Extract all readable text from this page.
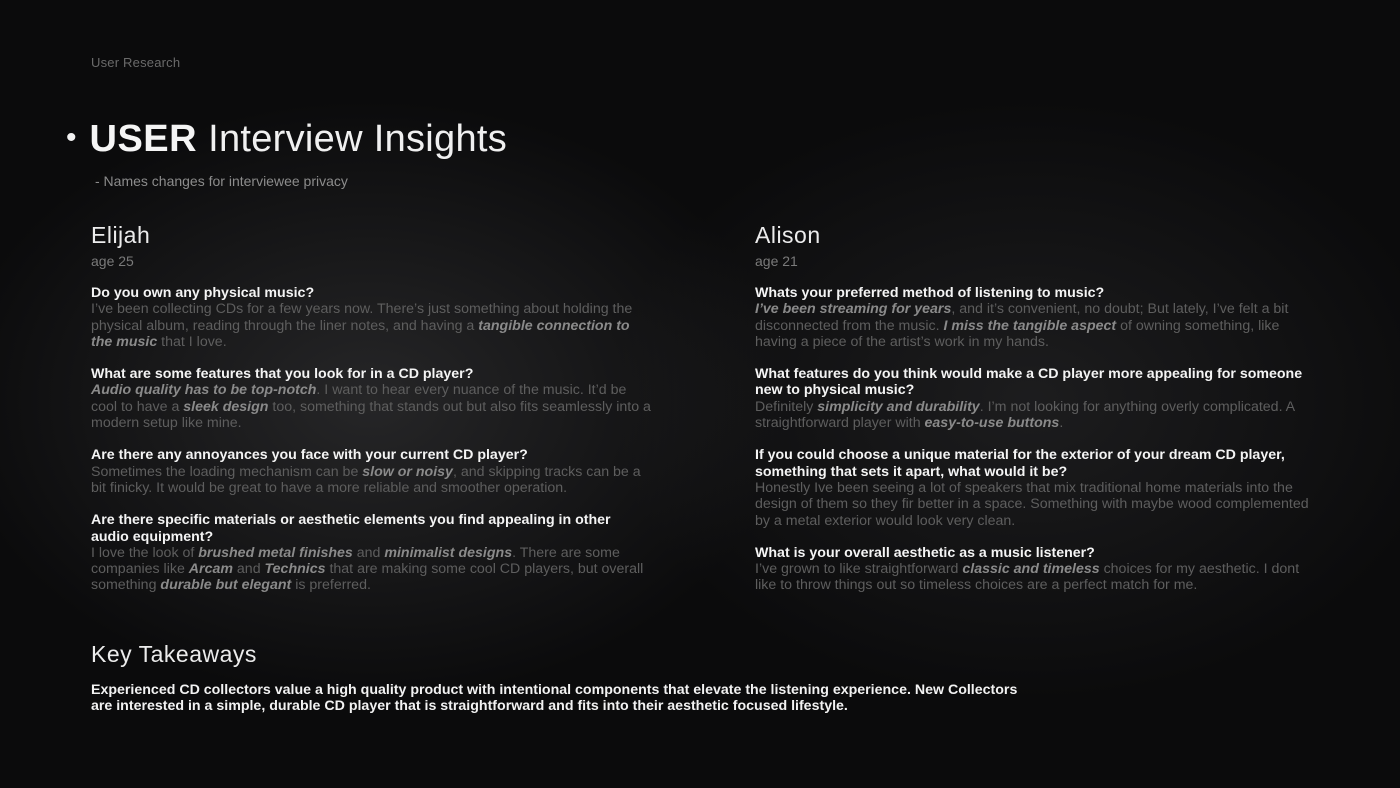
User Research
• USER Interview Insights
- Names changes for interviewee privacy
Elijah
age 25
Do you own any physical music?
I’ve been collecting CDs for a few years now. There’s just something about holding the physical album, reading through the liner notes, and having a tangible connection to the music that I love.
What are some features that you look for in a CD player?
Audio quality has to be top-notch. I want to hear every nuance of the music. It’d be cool to have a sleek design too, something that stands out but also fits seamlessly into a modern setup like mine.
Are there any annoyances you face with your current CD player?
Sometimes the loading mechanism can be slow or noisy, and skipping tracks can be a bit finicky. It would be great to have a more reliable and smoother operation.
Are there specific materials or aesthetic elements you find appealing in other audio equipment?
I love the look of brushed metal finishes and minimalist designs. There are some companies like Arcam and Technics that are making some cool CD players, but overall something durable but elegant is preferred.
Alison
age 21
Whats your preferred method of listening to music?
I’ve been streaming for years, and it’s convenient, no doubt; But lately, I’ve felt a bit disconnected from the music. I miss the tangible aspect of owning something, like having a piece of the artist’s work in my hands.
What features do you think would make a CD player more appealing for someone new to physical music?
Definitely simplicity and durability. I’m not looking for anything overly complicated. A straightforward player with easy-to-use buttons.
If you could choose a unique material for the exterior of your dream CD player, something that sets it apart, what would it be?
Honestly Ive been seeing a lot of speakers that mix traditional home materials into the design of them so they fir better in a space. Something with maybe wood complemented by a metal exterior would look very clean.
What is your overall aesthetic as a music listener?
I’ve grown to like straightforward classic and timeless choices for my aesthetic. I dont like to throw things out so timeless choices are a perfect match for me.
Key Takeaways
Experienced CD collectors value a high quality product with intentional components that elevate the listening experience. New Collectors are interested in a simple, durable CD player that is straightforward and fits into their aesthetic focused lifestyle.
